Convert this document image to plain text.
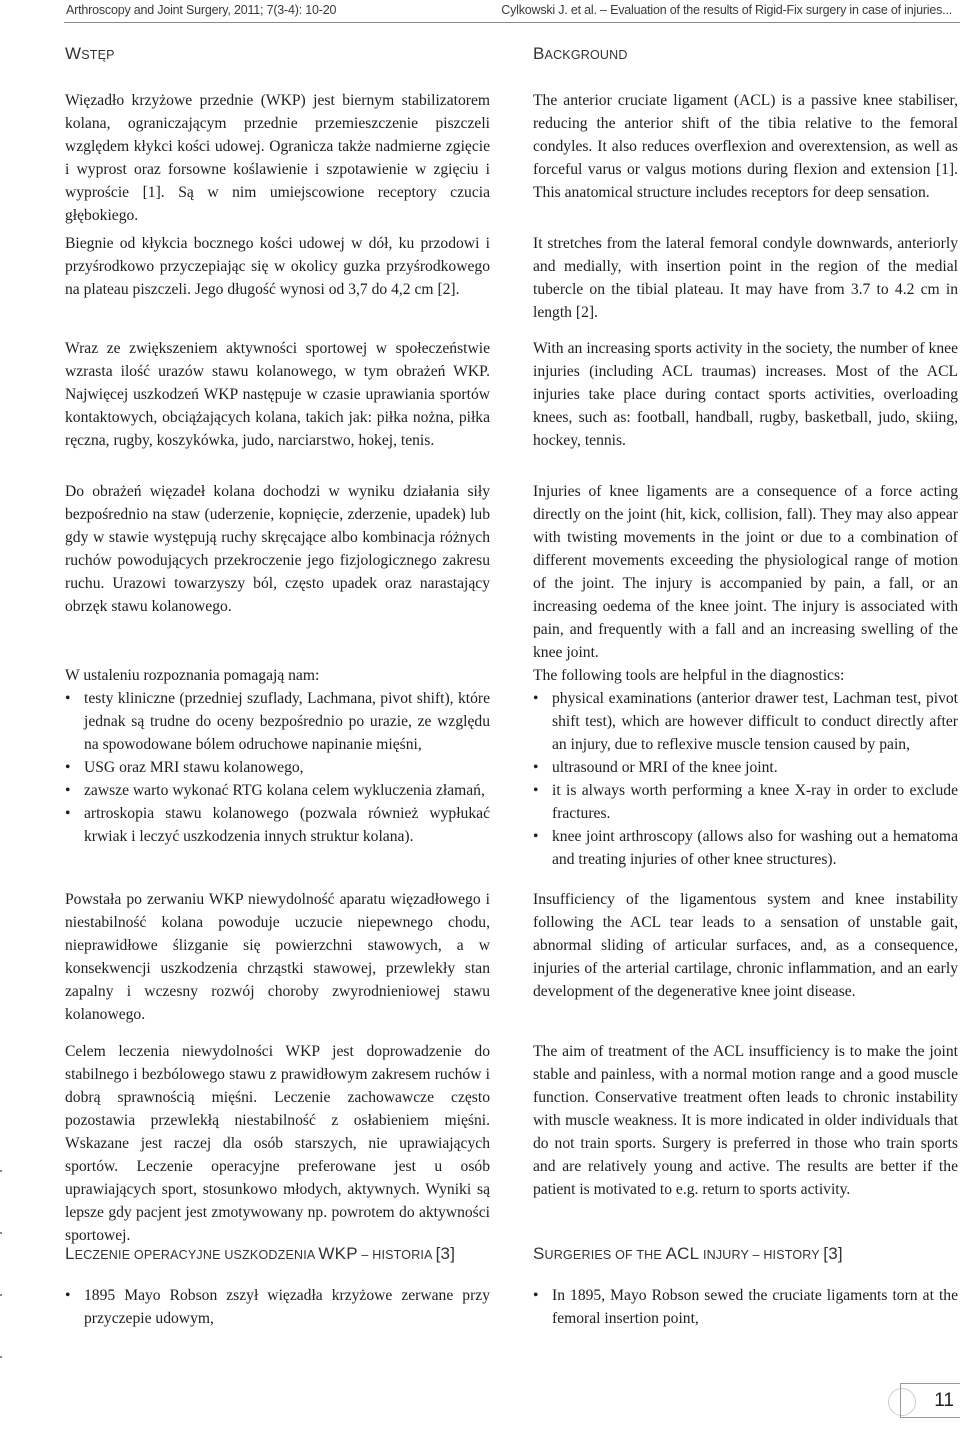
Arthroscopy and Joint Surgery, 2011; 7(3-4): 10-20	Cylkowski J. et al. – Evaluation of the results of Rigid-Fix surgery in case of injuries...
WSTĘP

Więzadło krzyżowe przednie (WKP) jest biernym stabilizatorem kolana, ograniczającym przednie przemieszczenie piszczeli względem kłykci kości udowej. Ogranicza także nadmierne zgięcie i wyprost oraz forsowne koślawienie i szpotawienie w zgięciu i wyproście [1]. Są w nim umiejscowione receptory czucia głębokiego.

Biegnie od kłykcia bocznego kości udowej w dół, ku przodowi i przyśrodkowo przyczepiając się w okolicy guzka przyśrodkowego na plateau piszczeli. Jego długość wynosi od 3,7 do 4,2 cm [2].

Wraz ze zwiększeniem aktywności sportowej w społeczeństwie wzrasta ilość urazów stawu kolanowego, w tym obrażeń WKP. Najwięcej uszkodzeń WKP następuje w czasie uprawiania sportów kontaktowych, obciążających kolana, takich jak: piłka nożna, piłka ręczna, rugby, koszykówka, judo, narciarstwo, hokej, tenis.

Do obrażeń więzadeł kolana dochodzi w wyniku działania siły bezpośrednio na staw (uderzenie, kopnięcie, zderzenie, upadek) lub gdy w stawie występują ruchy skręcające albo kombinacja różnych ruchów powodujących przekroczenie jego fizjologicznego zakresu ruchu. Urazowi towarzyszy ból, często upadek oraz narastający obrzęk stawu kolanowego.

W ustaleniu rozpoznania pomagają nam:

• testy kliniczne (przedniej szuflady, Lachmana, pivot shift), które jednak są trudne do oceny bezpośrednio po urazie, ze względu na spowodowane bólem odruchowe napinanie mięśni,
• USG oraz MRI stawu kolanowego,
• zawsze warto wykonać RTG kolana celem wykluczenia złamań,
• artroskopia stawu kolanowego (pozwala również wypłukać krwiak i leczyć uszkodzenia innych struktur kolana).

Powstała po zerwaniu WKP niewydolność aparatu więzadłowego i niestabilność kolana powoduje uczucie niepewnego chodu, nieprawidłowe ślizganie się powierzchni stawowych, a w konsekwencji uszkodzenia chrząstki stawowej, przewlekły stan zapalny i wczesny rozwój choroby zwyrodnieniowej stawu kolanowego.

Celem leczenia niewydolności WKP jest doprowadzenie do stabilnego i bezbólowego stawu z prawidłowym zakresem ruchów i dobrą sprawnością mięśni. Leczenie zachowawcze często pozostawia przewlekłą niestabilność z osłabieniem mięśni. Wskazane jest raczej dla osób starszych, nie uprawiających sportów. Leczenie operacyjne preferowane jest u osób uprawiających sport, stosunkowo młodych, aktywnych. Wyniki są lepsze gdy pacjent jest zmotywowany np. powrotem do aktywności sportowej.

LECZENIE OPERACYJNE USZKODZENIA WKP – HISTORIA [3]
• 1895 Mayo Robson zszył więzadła krzyżowe zerwane przy przyczepie udowym,
BACKGROUND

The anterior cruciate ligament (ACL) is a passive knee stabiliser, reducing the anterior shift of the tibia relative to the femoral condyles. It also reduces overflexion and overextension, as well as forceful varus or valgus motions during flexion and extension [1]. This anatomical structure includes receptors for deep sensation.

It stretches from the lateral femoral condyle downwards, anteriorly and medially, with insertion point in the region of the medial tubercle on the tibial plateau. It may have from 3.7 to 4.2 cm in length [2].

With an increasing sports activity in the society, the number of knee injuries (including ACL traumas) increases. Most of the ACL injuries take place during contact sports activities, overloading knees, such as: football, handball, rugby, basketball, judo, skiing, hockey, tennis.

Injuries of knee ligaments are a consequence of a force acting directly on the joint (hit, kick, collision, fall). They may also appear with twisting movements in the joint or due to a combination of different movements exceeding the physiological range of motion of the joint. The injury is accompanied by pain, a fall, or an increasing oedema of the knee joint. The injury is associated with pain, and frequently with a fall and an increasing swelling of the knee joint.

The following tools are helpful in the diagnostics:

• physical examinations (anterior drawer test, Lachman test, pivot shift test), which are however difficult to conduct directly after an injury, due to reflexive muscle tension caused by pain,
• ultrasound or MRI of the knee joint.
• it is always worth performing a knee X-ray in order to exclude fractures.
• knee joint arthroscopy (allows also for washing out a hematoma and treating injuries of other knee structures).

Insufficiency of the ligamentous system and knee instability following the ACL tear leads to a sensation of unstable gait, abnormal sliding of articular surfaces, and, as a consequence, injuries of the arterial cartilage, chronic inflammation, and an early development of the degenerative knee joint disease.

The aim of treatment of the ACL insufficiency is to make the joint stable and painless, with a normal motion range and a good muscle function. Conservative treatment often leads to chronic instability with muscle weakness. It is more indicated in older individuals that do not train sports. Surgery is preferred in those who train sports and are relatively young and active. The results are better if the patient is motivated to e.g. return to sports activity.

SURGERIES OF THE ACL INJURY – HISTORY [3]
• In 1895, Mayo Robson sewed the cruciate ligaments torn at the femoral insertion point,
11
